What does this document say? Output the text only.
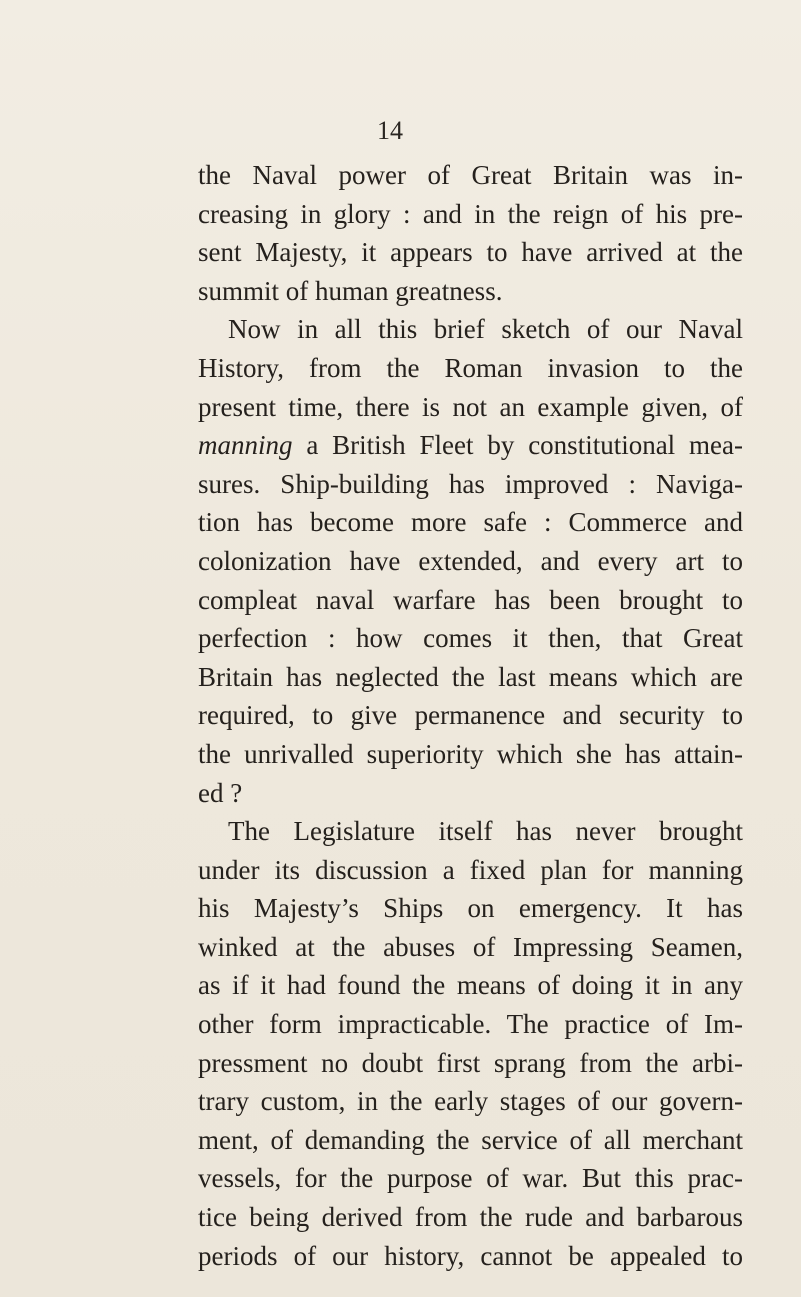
14
the Naval power of Great Britain was in-
creasing in glory : and in the reign of his pre-
sent Majesty, it appears to have arrived at the
summit of human greatness.
Now in all this brief sketch of our Naval
History, from the Roman invasion to the
present time, there is not an example given, of
manning a British Fleet by constitutional mea-
sures. Ship-building has improved : Naviga-
tion has become more safe : Commerce and
colonization have extended, and every art to
compleat naval warfare has been brought to
perfection : how comes it then, that Great
Britain has neglected the last means which are
required, to give permanence and security to
the unrivalled superiority which she has attain-
ed ?
The Legislature itself has never brought
under its discussion a fixed plan for manning
his Majesty’s Ships on emergency. It has
winked at the abuses of Impressing Seamen,
as if it had found the means of doing it in any
other form impracticable. The practice of Im-
pressment no doubt first sprang from the arbi-
trary custom, in the early stages of our govern-
ment, of demanding the service of all merchant
vessels, for the purpose of war. But this prac-
tice being derived from the rude and barbarous
periods of our history, cannot be appealed to
